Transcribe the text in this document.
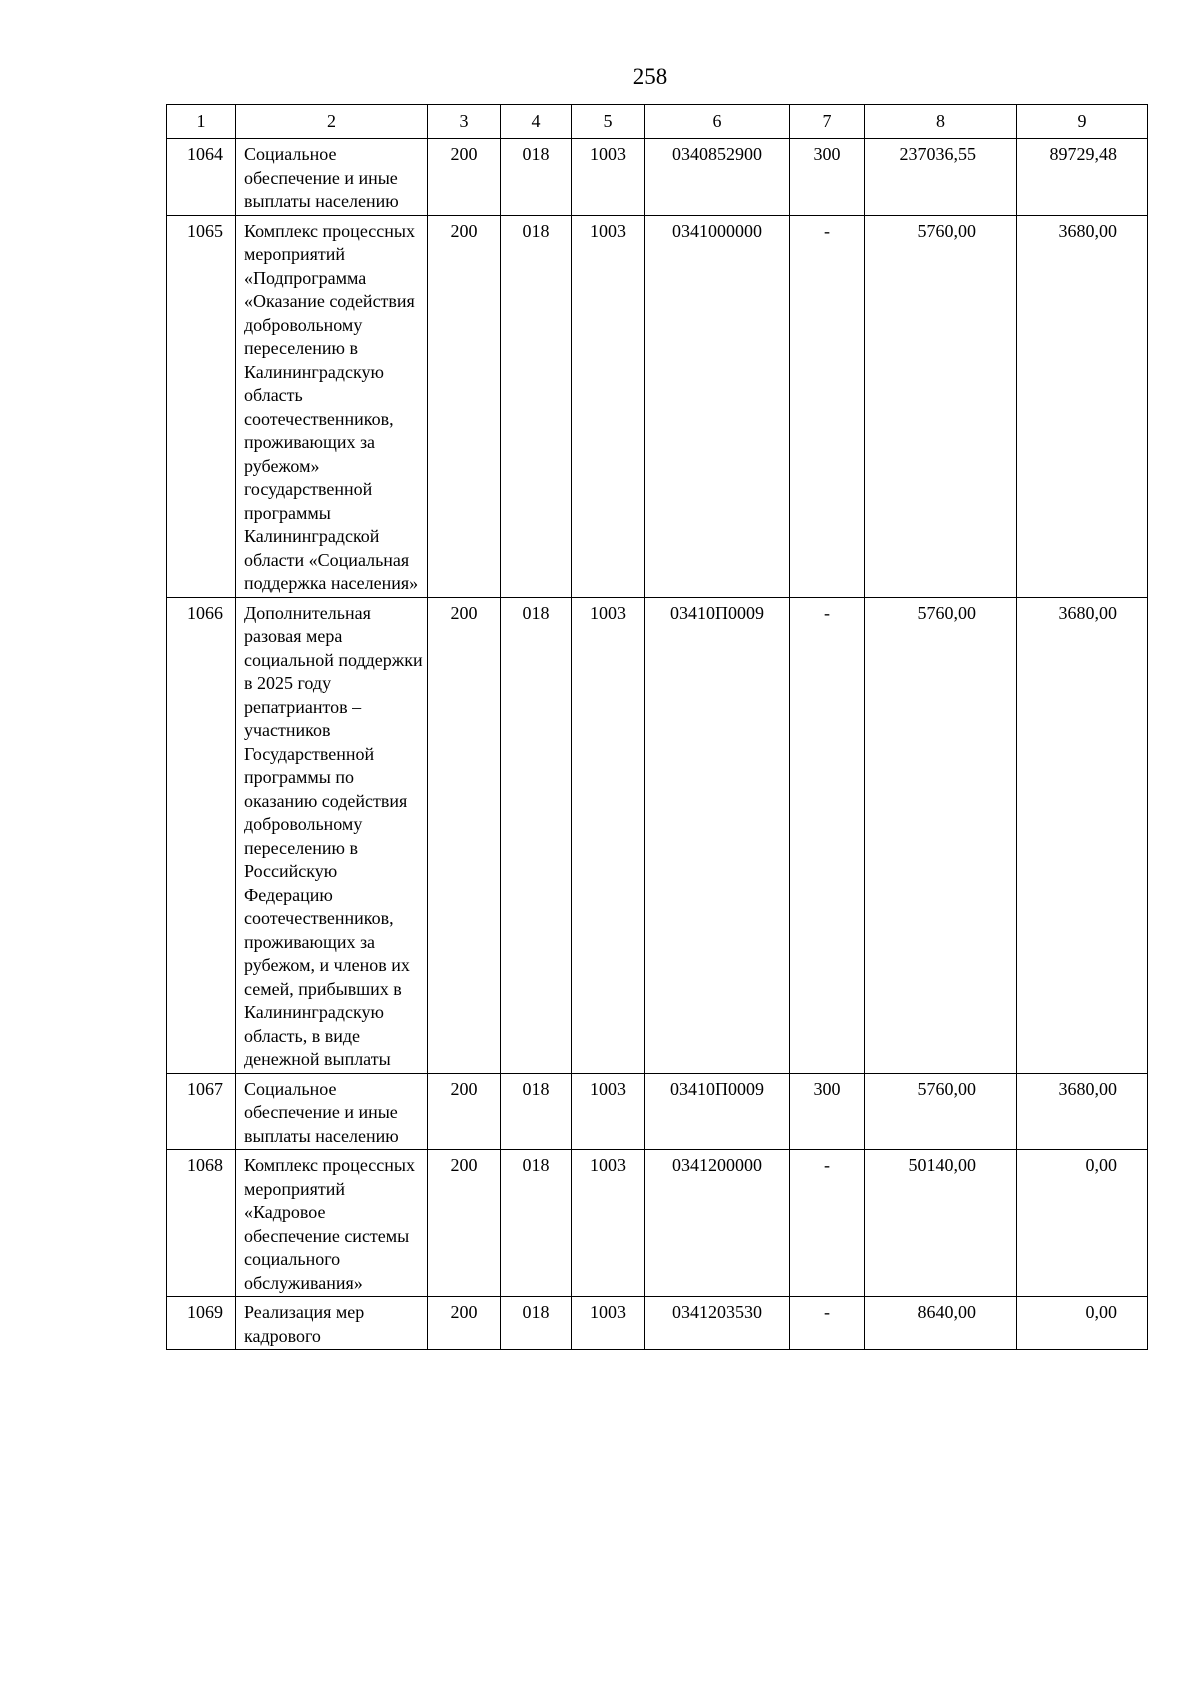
258
1	2	3	4	5	6	7	8	9
1064	Социальное обеспечение и иные выплаты населению	200	018	1003	0340852900	300	237036,55	89729,48
1065	Комплекс процессных мероприятий «Подпрограмма «Оказание содействия добровольному переселению в Калининградскую область соотечественников, проживающих за рубежом» государственной программы Калининградской области «Социальная поддержка населения»	200	018	1003	0341000000	-	5760,00	3680,00
1066	Дополнительная разовая мера социальной поддержки в 2025 году репатриантов – участников Государственной программы по оказанию содействия добровольному переселению в Российскую Федерацию соотечественников, проживающих за рубежом, и членов их семей, прибывших в Калининградскую область, в виде денежной выплаты	200	018	1003	03410П0009	-	5760,00	3680,00
1067	Социальное обеспечение и иные выплаты населению	200	018	1003	03410П0009	300	5760,00	3680,00
1068	Комплекс процессных мероприятий «Кадровое обеспечение системы социального обслуживания»	200	018	1003	0341200000	-	50140,00	0,00
1069	Реализация мер кадрового	200	018	1003	0341203530	-	8640,00	0,00
